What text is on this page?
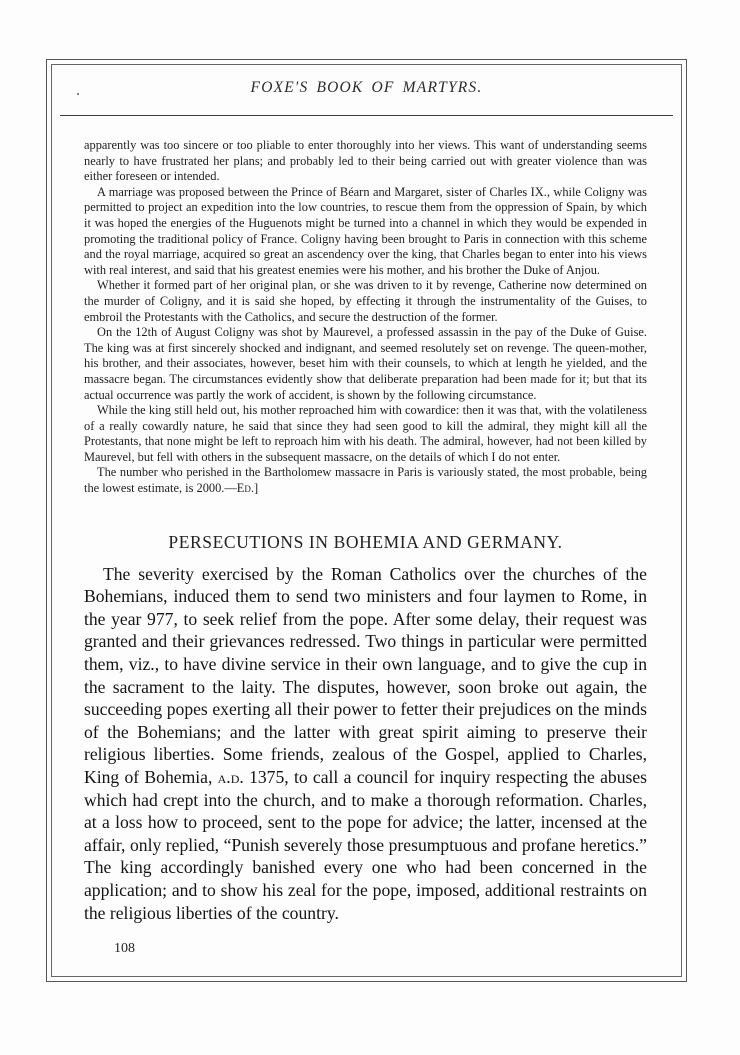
FOXE'S BOOK OF MARTYRS.

apparently was too sincere or too pliable to enter thoroughly into her views. This want of understanding seems nearly to have frustrated her plans; and probably led to their being carried out with greater violence than was either foreseen or intended.

A marriage was proposed between the Prince of Béarn and Margaret, sister of Charles IX., while Coligny was permitted to project an expedition into the low countries, to rescue them from the oppression of Spain, by which it was hoped the energies of the Huguenots might be turned into a channel in which they would be expended in promoting the traditional policy of France. Coligny having been brought to Paris in connection with this scheme and the royal marriage, acquired so great an ascendency over the king, that Charles began to enter into his views with real interest, and said that his greatest enemies were his mother, and his brother the Duke of Anjou.

Whether it formed part of her original plan, or she was driven to it by revenge, Catherine now determined on the murder of Coligny, and it is said she hoped, by effecting it through the instrumentality of the Guises, to embroil the Protestants with the Catholics, and secure the destruction of the former.

On the 12th of August Coligny was shot by Maurevel, a professed assassin in the pay of the Duke of Guise. The king was at first sincerely shocked and indignant, and seemed resolutely set on revenge. The queen-mother, his brother, and their associates, however, beset him with their counsels, to which at length he yielded, and the massacre began. The circumstances evidently show that deliberate preparation had been made for it; but that its actual occurrence was partly the work of accident, is shown by the following circumstance.

While the king still held out, his mother reproached him with cowardice: then it was that, with the volatileness of a really cowardly nature, he said that since they had seen good to kill the admiral, they might kill all the Protestants, that none might be left to reproach him with his death. The admiral, however, had not been killed by Maurevel, but fell with others in the subsequent massacre, on the details of which I do not enter.

The number who perished in the Bartholomew massacre in Paris is variously stated, the most probable, being the lowest estimate, is 2000.—Ed.]

PERSECUTIONS IN BOHEMIA AND GERMANY.

The severity exercised by the Roman Catholics over the churches of the Bohemians, induced them to send two ministers and four laymen to Rome, in the year 977, to seek relief from the pope. After some delay, their request was granted and their grievances redressed. Two things in particular were permitted them, viz., to have divine service in their own language, and to give the cup in the sacrament to the laity. The disputes, however, soon broke out again, the succeeding popes exerting all their power to fetter their prejudices on the minds of the Bohemians; and the latter with great spirit aiming to preserve their religious liberties. Some friends, zealous of the Gospel, applied to Charles, King of Bohemia, a.d. 1375, to call a council for inquiry respecting the abuses which had crept into the church, and to make a thorough reformation. Charles, at a loss how to proceed, sent to the pope for advice; the latter, incensed at the affair, only replied, “Punish severely those presumptuous and profane heretics.” The king accordingly banished every one who had been concerned in the application; and to show his zeal for the pope, imposed, additional restraints on the religious liberties of the country.

108
